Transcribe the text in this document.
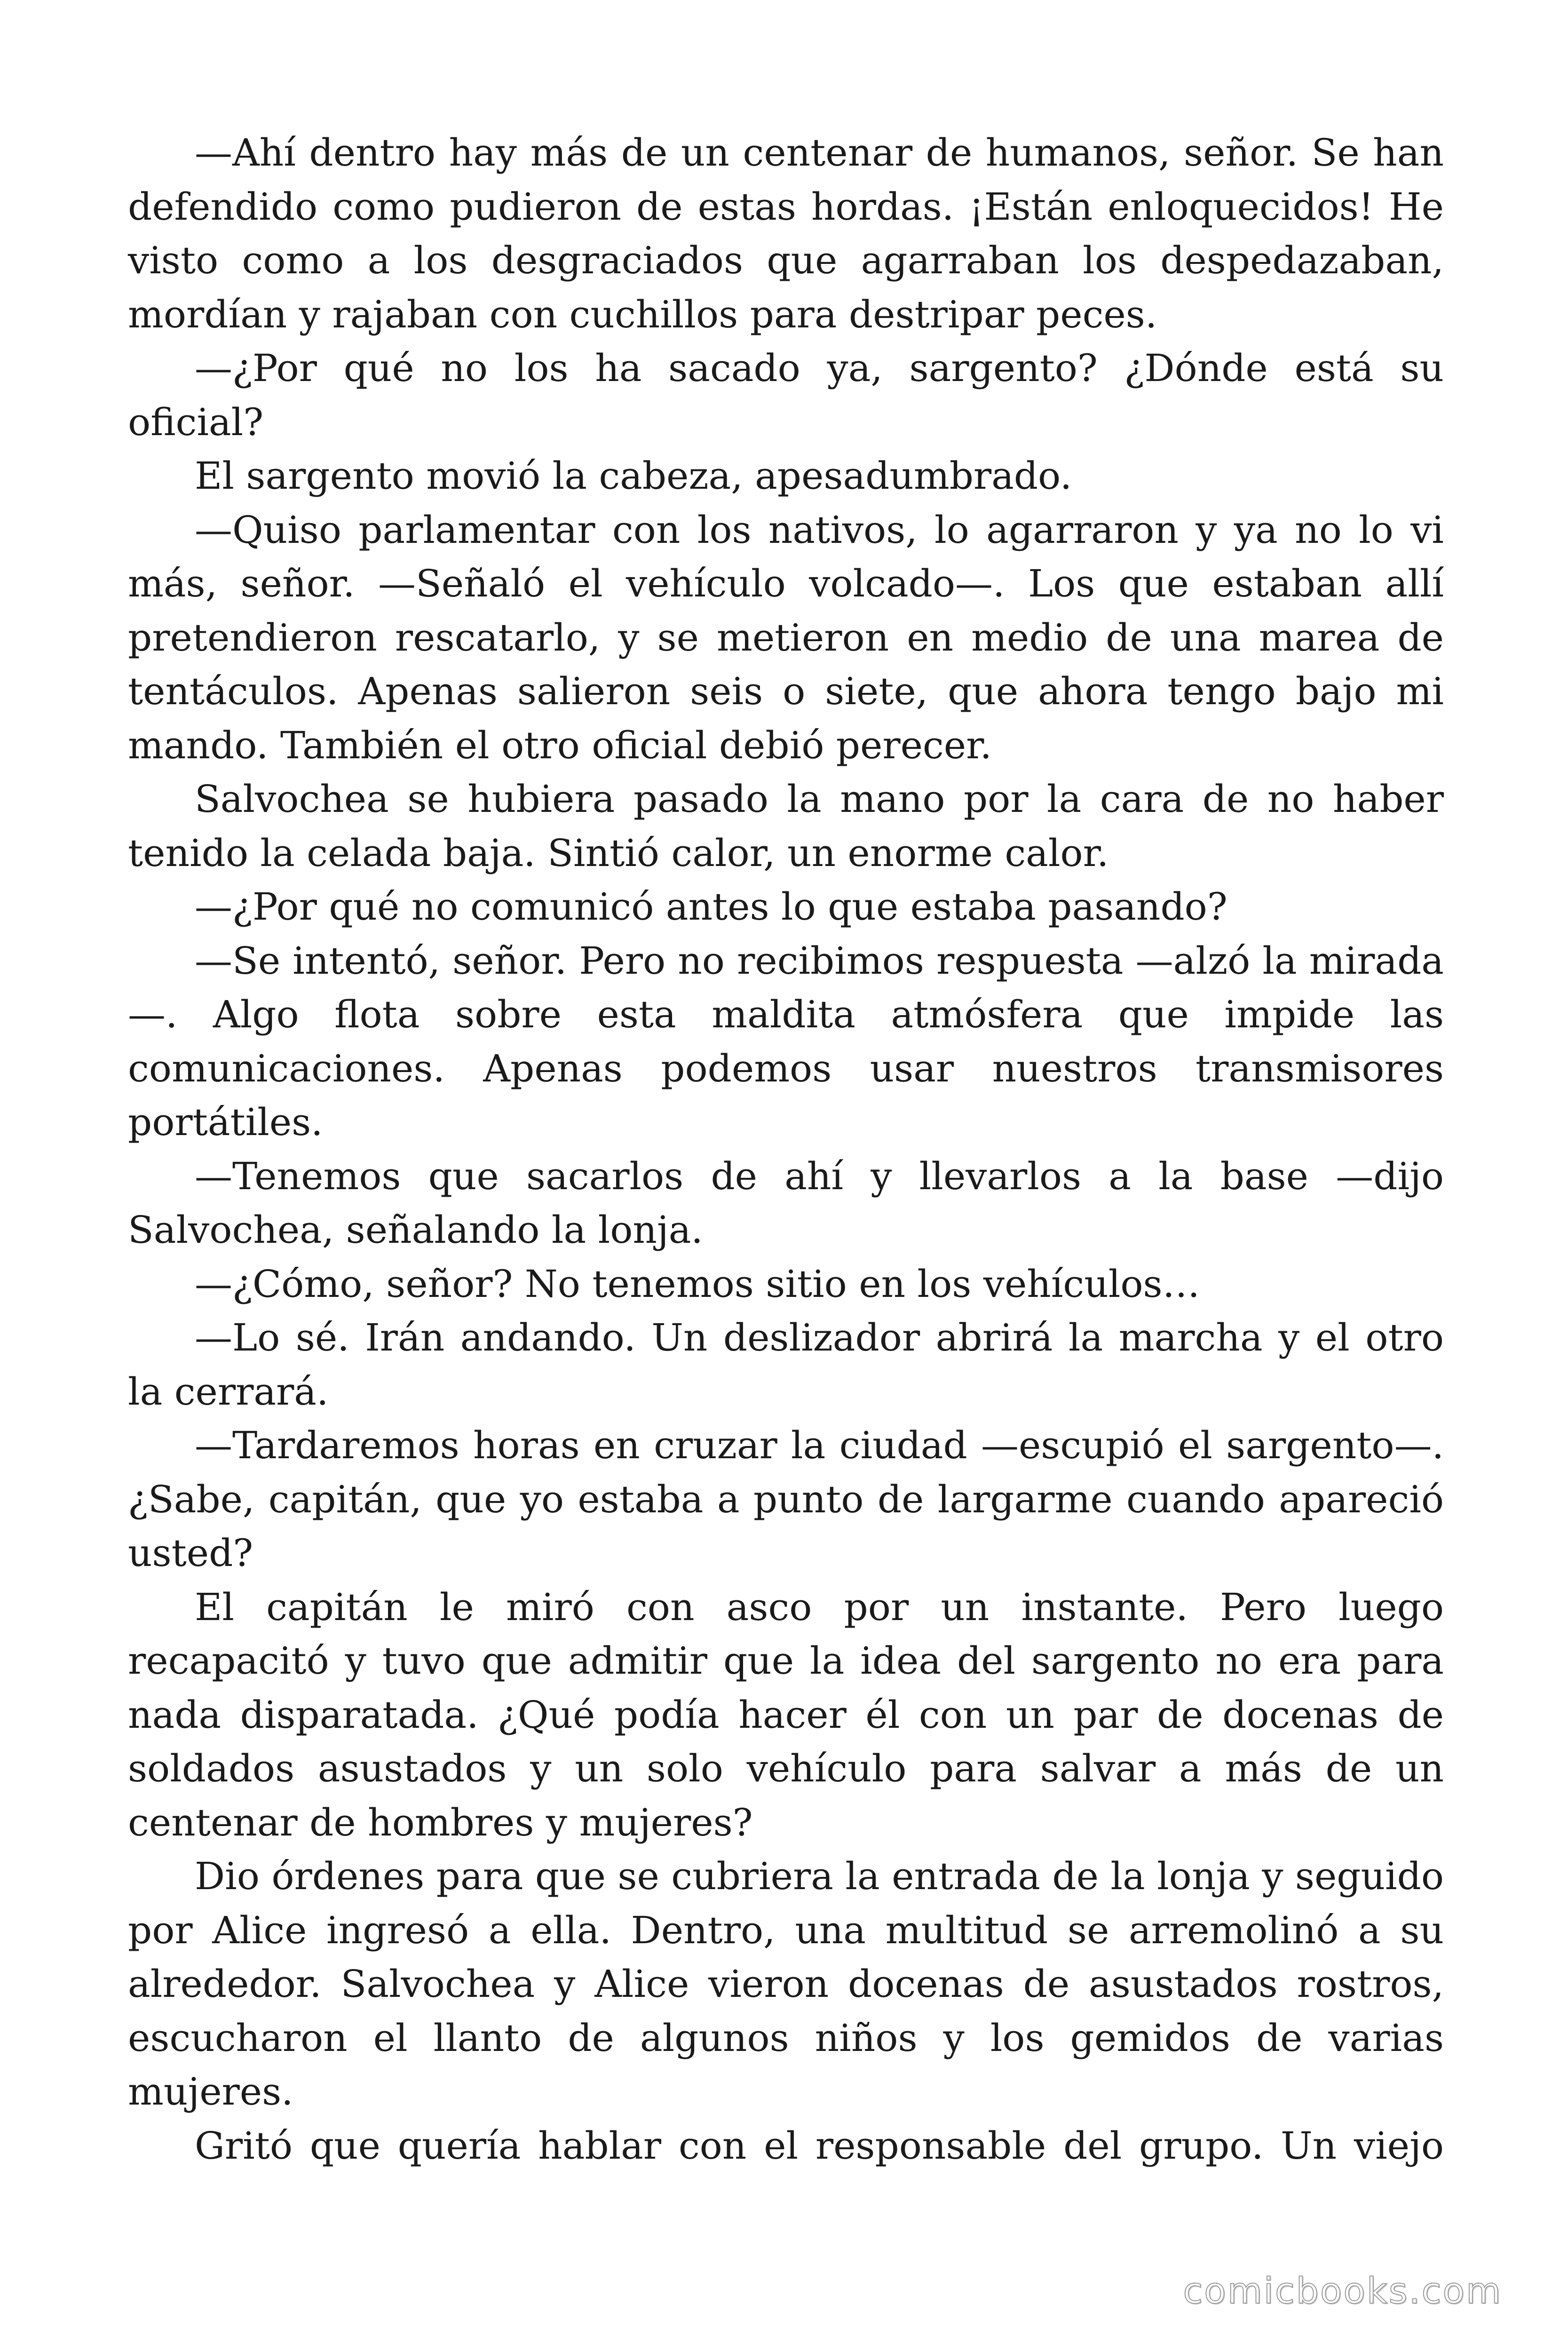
—Ahí dentro hay más de un centenar de humanos, señor. Se han defendido como pudieron de estas hordas. ¡Están enloquecidos! He visto como a los desgraciados que agarraban los despedazaban, mordían y rajaban con cuchillos para destripar peces.

—¿Por qué no los ha sacado ya, sargento? ¿Dónde está su oficial?

El sargento movió la cabeza, apesadumbrado.

—Quiso parlamentar con los nativos, lo agarraron y ya no lo vi más, señor. —Señaló el vehículo volcado—. Los que estaban allí pretendieron rescatarlo, y se metieron en medio de una marea de tentáculos. Apenas salieron seis o siete, que ahora tengo bajo mi mando. También el otro oficial debió perecer.

Salvochea se hubiera pasado la mano por la cara de no haber tenido la celada baja. Sintió calor, un enorme calor.

—¿Por qué no comunicó antes lo que estaba pasando?

—Se intentó, señor. Pero no recibimos respuesta —alzó la mirada—. Algo flota sobre esta maldita atmósfera que impide las comunicaciones. Apenas podemos usar nuestros transmisores portátiles.

—Tenemos que sacarlos de ahí y llevarlos a la base —dijo Salvochea, señalando la lonja.

—¿Cómo, señor? No tenemos sitio en los vehículos…

—Lo sé. Irán andando. Un deslizador abrirá la marcha y el otro la cerrará.

—Tardaremos horas en cruzar la ciudad —escupió el sargento—. ¿Sabe, capitán, que yo estaba a punto de largarme cuando apareció usted?

El capitán le miró con asco por un instante. Pero luego recapacitó y tuvo que admitir que la idea del sargento no era para nada disparatada. ¿Qué podía hacer él con un par de docenas de soldados asustados y un solo vehículo para salvar a más de un centenar de hombres y mujeres?

Dio órdenes para que se cubriera la entrada de la lonja y seguido por Alice ingresó a ella. Dentro, una multitud se arremolinó a su alrededor. Salvochea y Alice vieron docenas de asustados rostros, escucharon el llanto de algunos niños y los gemidos de varias mujeres.

Gritó que quería hablar con el responsable del grupo. Un viejo

comicbooks.com
